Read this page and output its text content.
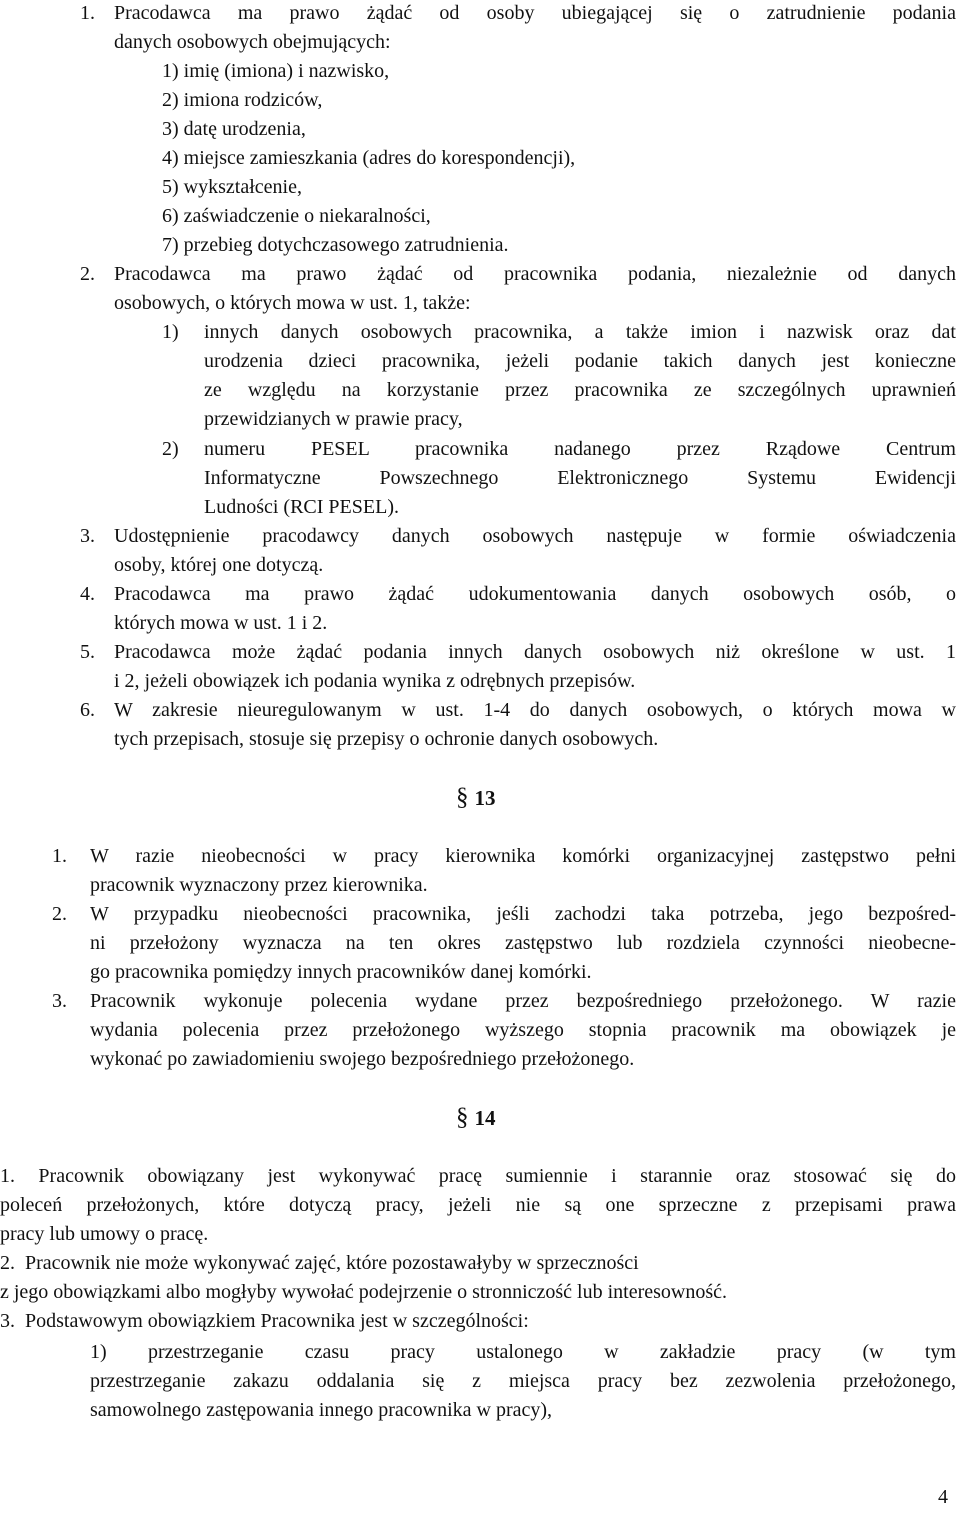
1. Pracodawca ma prawo żądać od osoby ubiegającej się o zatrudnienie podania
danych osobowych obejmujących:
1) imię (imiona) i nazwisko,
2) imiona rodziców,
3) datę urodzenia,
4) miejsce zamieszkania (adres do korespondencji),
5) wykształcenie,
6) zaświadczenie o niekaralności,
7) przebieg dotychczasowego zatrudnienia.
2. Pracodawca ma prawo żądać od pracownika podania, niezależnie od danych
osobowych, o których mowa w ust. 1, także:
1) innych danych osobowych pracownika, a także imion i nazwisk oraz dat
urodzenia dzieci pracownika, jeżeli podanie takich danych jest konieczne
ze względu na korzystanie przez pracownika ze szczególnych uprawnień
przewidzianych w prawie pracy,
2) numeru PESEL pracownika nadanego przez Rządowe Centrum
Informatyczne Powszechnego Elektronicznego Systemu Ewidencji
Ludności (RCI PESEL).
3. Udostępnienie pracodawcy danych osobowych następuje w formie oświadczenia
osoby, której one dotyczą.
4. Pracodawca ma prawo żądać udokumentowania danych osobowych osób, o
których mowa w ust. 1 i 2.
5. Pracodawca może żądać podania innych danych osobowych niż określone w ust. 1
i 2, jeżeli obowiązek ich podania wynika z odrębnych przepisów.
6. W zakresie nieuregulowanym w ust. 1-4 do danych osobowych, o których mowa w
tych przepisach, stosuje się przepisy o ochronie danych osobowych.
§ 13
1. W razie nieobecności w pracy kierownika komórki organizacyjnej zastępstwo pełni
pracownik wyznaczony przez kierownika.
2. W przypadku nieobecności pracownika, jeśli zachodzi taka potrzeba, jego bezpośred-
ni przełożony wyznacza na ten okres zastępstwo lub rozdziela czynności nieobecne-
go pracownika pomiędzy innych pracowników danej komórki.
3. Pracownik wykonuje polecenia wydane przez bezpośredniego przełożonego. W razie
wydania polecenia przez przełożonego wyższego stopnia pracownik ma obowiązek je
wykonać po zawiadomieniu swojego bezpośredniego przełożonego.
§ 14
1. Pracownik obowiązany jest wykonywać pracę sumiennie i starannie oraz stosować się do
poleceń przełożonych, które dotyczą pracy, jeżeli nie są one sprzeczne z przepisami prawa
pracy lub umowy o pracę.
2.  Pracownik nie może wykonywać zajęć, które pozostawałyby w sprzeczności
z jego obowiązkami albo mogłyby wywołać podejrzenie o stronniczość lub interesowność.
3.  Podstawowym obowiązkiem Pracownika jest w szczególności:
1) przestrzeganie czasu pracy ustalonego w zakładzie pracy (w tym
przestrzeganie zakazu oddalania się z miejsca pracy bez zezwolenia przełożonego,
samowolnego zastępowania innego pracownika w pracy),
4
